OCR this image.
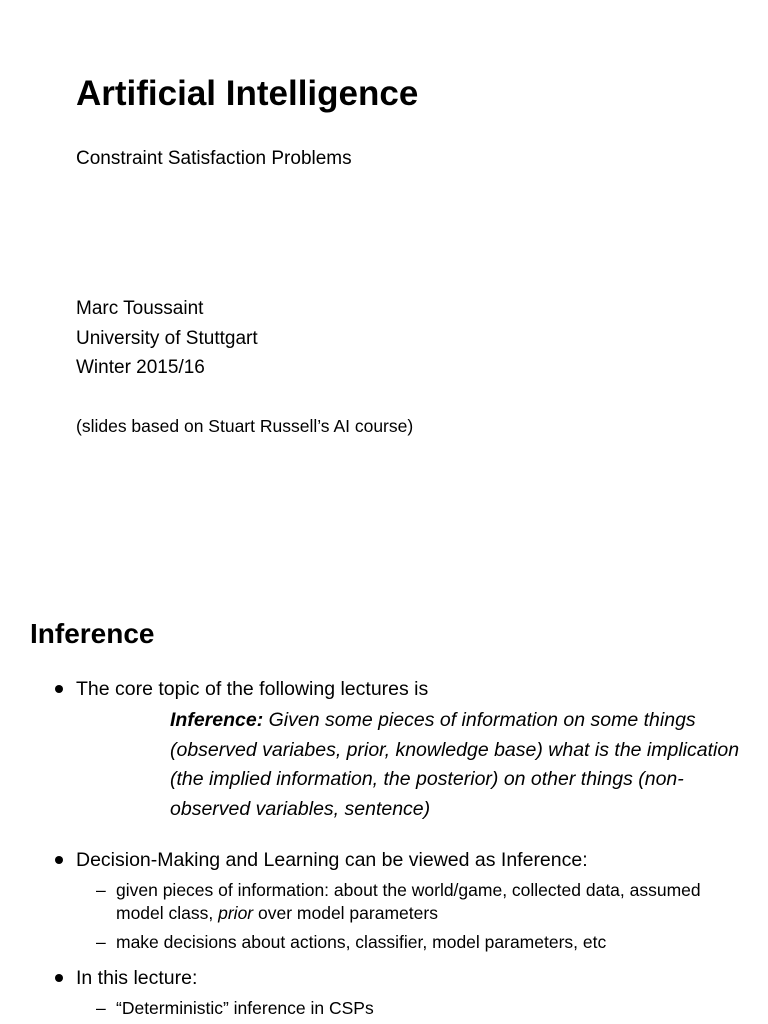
Artificial Intelligence
Constraint Satisfaction Problems
Marc Toussaint
University of Stuttgart
Winter 2015/16
(slides based on Stuart Russell’s AI course)
Inference
The core topic of the following lectures is
Inference: Given some pieces of information on some things (observed variabes, prior, knowledge base) what is the implication (the implied information, the posterior) on other things (non-observed variables, sentence)
Decision-Making and Learning can be viewed as Inference:
– given pieces of information: about the world/game, collected data, assumed model class, prior over model parameters
– make decisions about actions, classifier, model parameters, etc
In this lecture:
– “Deterministic” inference in CSPs
